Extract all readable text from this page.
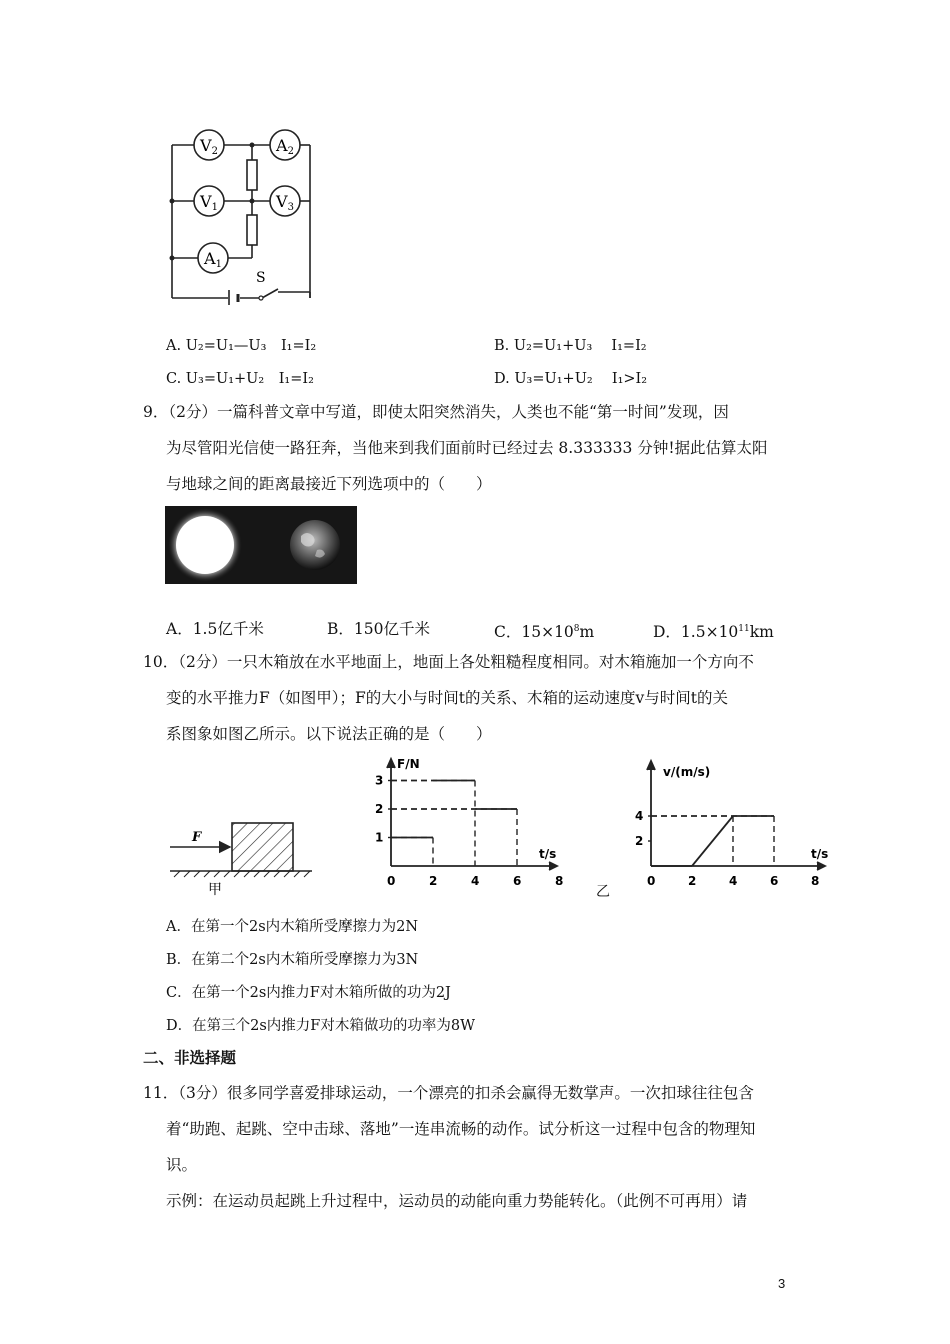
V2	A2
V1	V3
A1
S
A. U₂=U₁—U₃　I₁=I₂	B. U₂=U₁+U₃　 I₁=I₂
C. U₃=U₁+U₂　I₁=I₂	D. U₃=U₁+U₂　 I₁>I₂
9．（2分）一篇科普文章中写道，即使太阳突然消失，人类也不能“第一时间”发现，因
为尽管阳光信使一路狂奔，当他来到我们面前时已经过去 8.333333 分钟!据此估算太阳
与地球之间的距离最接近下列选项中的（　　）
A．1.5亿千米	B．150亿千米	C．$15\times 10^8m$	D．$1.5\times 10^{11}km$
10．（2分）一只木箱放在水平地面上，地面上各处粗糙程度相同。对木箱施加一个方向不
变的水平推力F（如图甲）；F的大小与时间t的关系、木箱的运动速度v与时间t的关
系图象如图乙所示。以下说法正确的是（　　）
F
甲
0	2	4	6	8
1
2
3
F/N
t/s
0	2	4	6	8
2
4
v/(m/s)
t/s
乙
A．在第一个2s内木箱所受摩擦力为2N
B．在第二个2s内木箱所受摩擦力为3N
C．在第一个2s内推力F对木箱所做的功为2J
D．在第三个2s内推力F对木箱做功的功率为8W
二、非选择题
11．（3分）很多同学喜爱排球运动，一个漂亮的扣杀会赢得无数掌声。一次扣球往往包含
着“助跑、起跳、空中击球、落地”一连串流畅的动作。试分析这一过程中包含的物理知
识。
示例：在运动员起跳上升过程中，运动员的动能向重力势能转化。（此例不可再用）请
3
